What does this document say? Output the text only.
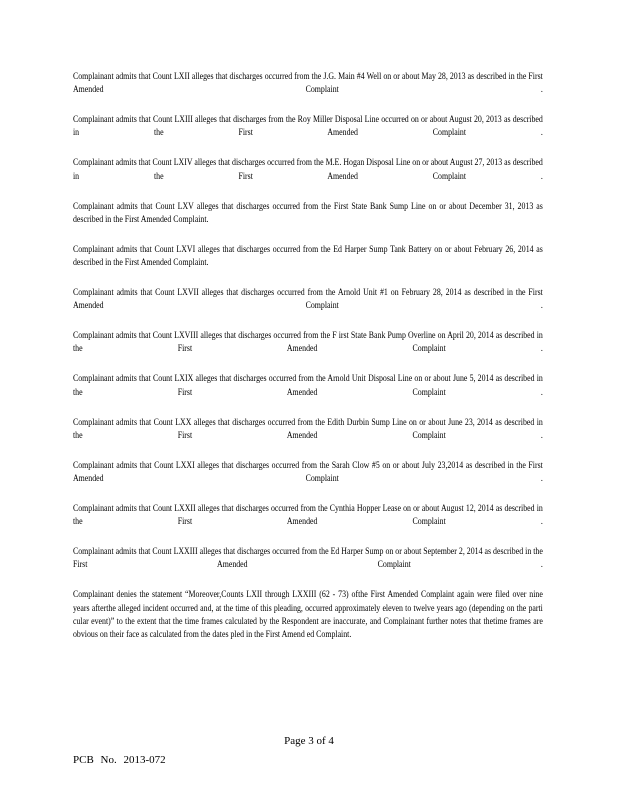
Complainant admits that Count LXII alleges that discharges occurred from the J.G. Main #4 Well on or about May 28, 2013 as described in the First Amended Complaint .

Complainant admits that Count LXIII alleges that discharges from the Roy Miller Disposal Line occurred on or about August 20, 2013 as described in the First Amended Complaint .

Complainant admits that Count LXIV alleges that discharges occurred from the M.E. Hogan Disposal Line on or about August 27, 2013 as described in the First Amended Complaint .

Complainant admits that Count LXV alleges that discharges occurred from the First State Bank Sump Line on or about December 31, 2013 as described in the First Amended Complaint.

Complainant admits that Count LXVI alleges that discharges occurred from the Ed Harper Sump Tank Battery on or about February 26, 2014 as described in the First Amended Complaint.

Complainant admits that Count LXVII alleges that discharges occurred from the Arnold Unit #1 on February 28, 2014 as described in the First Amended Complaint .

Complainant admits that Count LXVIII alleges that discharges occurred from the F irst State Bank Pump Overline on April 20, 2014 as described in the First Amended Complaint .

Complainant admits that Count LXIX alleges that discharges occurred from the Arnold Unit Disposal Line on or about June 5, 2014 as described in the First Amended Complaint .

Complainant admits that Count LXX alleges that discharges occurred from the Edith Durbin Sump Line on or about June 23, 2014 as described in the First Amended Complaint .

Complainant admits that Count LXXI alleges that discharges occurred from the Sarah Clow #5 on or about July 23,2014 as described in the First Amended Complaint .

Complainant admits that Count LXXII alleges that discharges occurred from the Cynthia Hopper Lease on or about August 12, 2014 as described in the First Amended Complaint .

Complainant admits that Count LXXIII alleges that discharges occurred from the Ed Harper Sump on or about September 2, 2014 as described in the First Amended Complaint .

Complainant denies the statement “Moreover,Counts LXII through LXXIII (62 - 73) ofthe First Amended Complaint again were filed over nine years afterthe alleged incident occurred and, at the time of this pleading, occurred approximately eleven to twelve years ago (depending on the parti cular event)” to the extent that the time frames calculated by the Respondent are inaccurate, and Complainant further notes that thetime frames are obvious on their face as calculated from the dates pled in the First Amend ed Complaint.

Page 3 of 4
PCB No. 2013-072
